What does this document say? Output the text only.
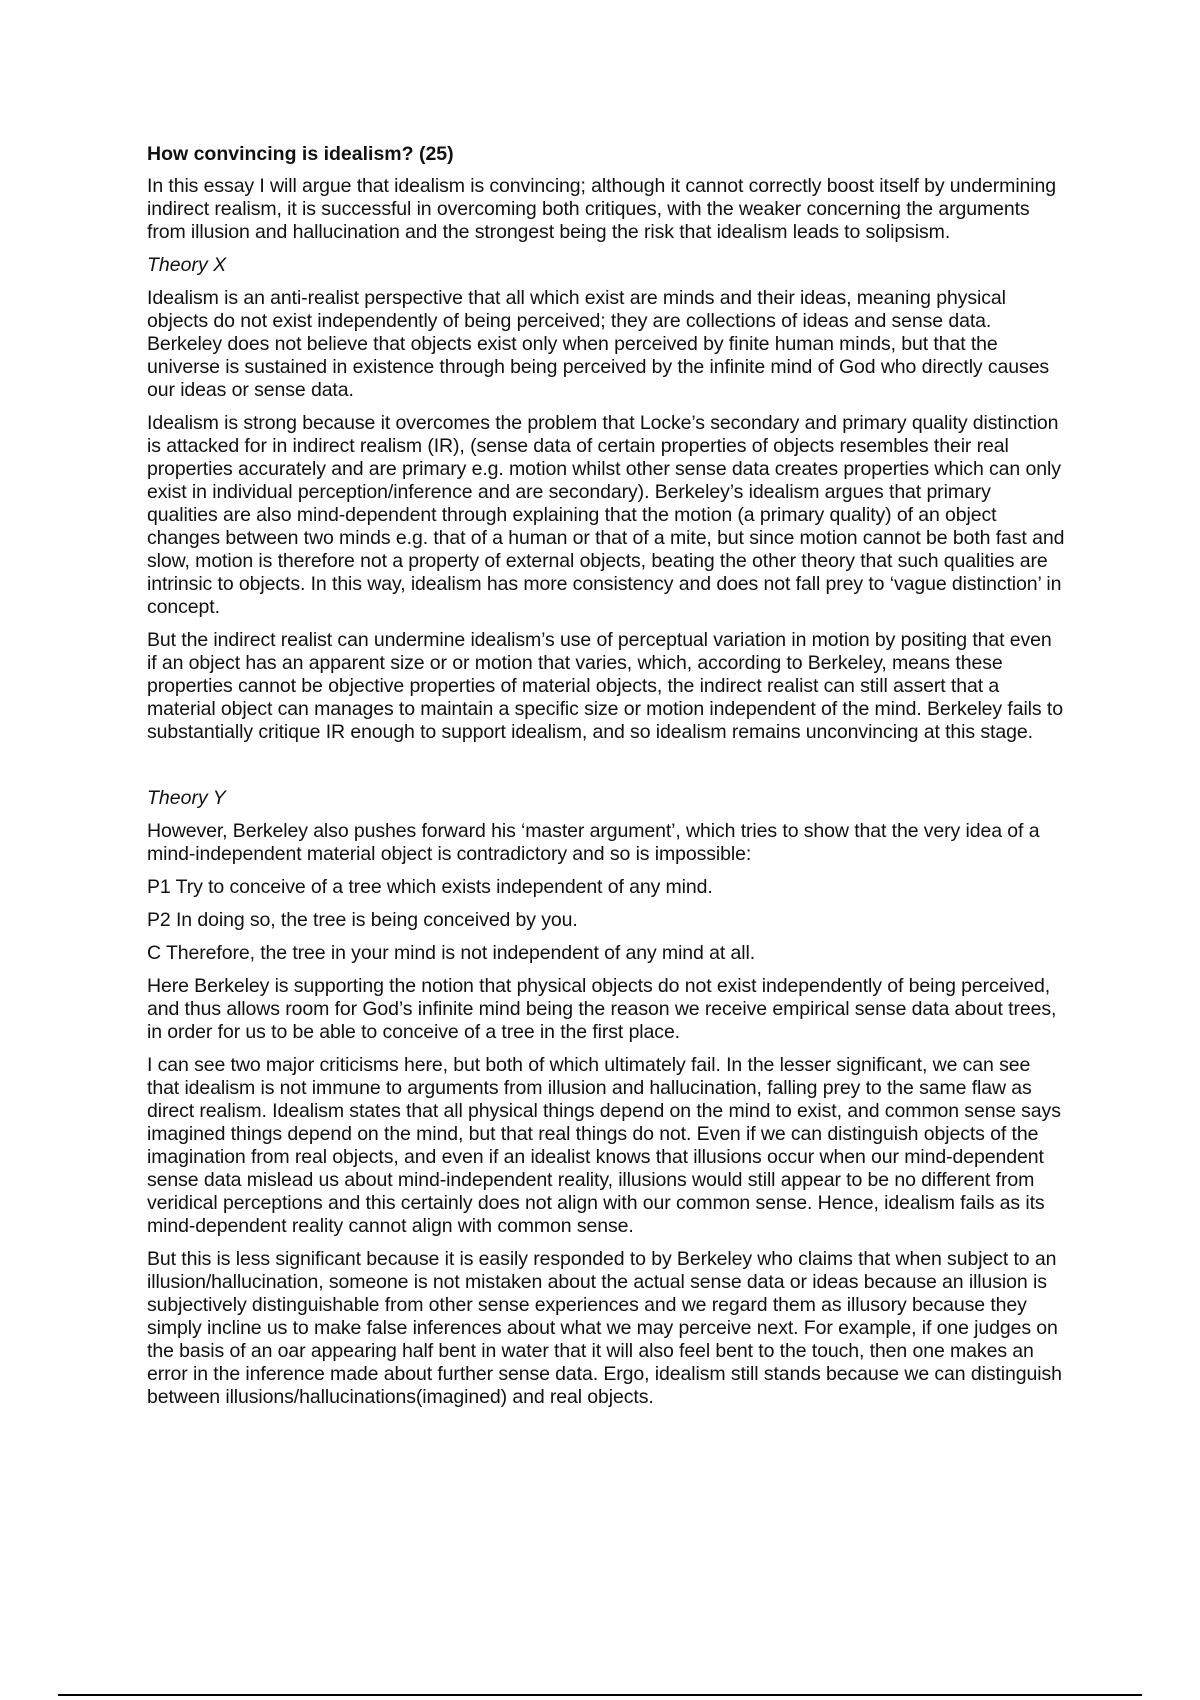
How convincing is idealism? (25)

In this essay I will argue that idealism is convincing; although it cannot correctly boost itself by undermining indirect realism, it is successful in overcoming both critiques, with the weaker concerning the arguments from illusion and hallucination and the strongest being the risk that idealism leads to solipsism.

Theory X

Idealism is an anti-realist perspective that all which exist are minds and their ideas, meaning physical objects do not exist independently of being perceived; they are collections of ideas and sense data. Berkeley does not believe that objects exist only when perceived by finite human minds, but that the universe is sustained in existence through being perceived by the infinite mind of God who directly causes our ideas or sense data.

Idealism is strong because it overcomes the problem that Locke’s secondary and primary quality distinction is attacked for in indirect realism (IR), (sense data of certain properties of objects resembles their real properties accurately and are primary e.g. motion whilst other sense data creates properties which can only exist in individual perception/inference and are secondary). Berkeley’s idealism argues that primary qualities are also mind-dependent through explaining that the motion (a primary quality) of an object changes between two minds e.g. that of a human or that of a mite, but since motion cannot be both fast and slow, motion is therefore not a property of external objects, beating the other theory that such qualities are intrinsic to objects. In this way, idealism has more consistency and does not fall prey to ‘vague distinction’ in concept.

But the indirect realist can undermine idealism’s use of perceptual variation in motion by positing that even if an object has an apparent size or or motion that varies, which, according to Berkeley, means these properties cannot be objective properties of material objects, the indirect realist can still assert that a material object can manages to maintain a specific size or motion independent of the mind. Berkeley fails to substantially critique IR enough to support idealism, and so idealism remains unconvincing at this stage.

Theory Y

However, Berkeley also pushes forward his ‘master argument’, which tries to show that the very idea of a mind-independent material object is contradictory and so is impossible:

P1 Try to conceive of a tree which exists independent of any mind.

P2 In doing so, the tree is being conceived by you.

C Therefore, the tree in your mind is not independent of any mind at all.

Here Berkeley is supporting the notion that physical objects do not exist independently of being perceived, and thus allows room for God’s infinite mind being the reason we receive empirical sense data about trees, in order for us to be able to conceive of a tree in the first place.

I can see two major criticisms here, but both of which ultimately fail. In the lesser significant, we can see that idealism is not immune to arguments from illusion and hallucination, falling prey to the same flaw as direct realism. Idealism states that all physical things depend on the mind to exist, and common sense says imagined things depend on the mind, but that real things do not. Even if we can distinguish objects of the imagination from real objects, and even if an idealist knows that illusions occur when our mind-dependent sense data mislead us about mind-independent reality, illusions would still appear to be no different from veridical perceptions and this certainly does not align with our common sense. Hence, idealism fails as its mind-dependent reality cannot align with common sense.

But this is less significant because it is easily responded to by Berkeley who claims that when subject to an illusion/hallucination, someone is not mistaken about the actual sense data or ideas because an illusion is subjectively distinguishable from other sense experiences and we regard them as illusory because they simply incline us to make false inferences about what we may perceive next. For example, if one judges on the basis of an oar appearing half bent in water that it will also feel bent to the touch, then one makes an error in the inference made about further sense data. Ergo, idealism still stands because we can distinguish between illusions/hallucinations(imagined) and real objects.
